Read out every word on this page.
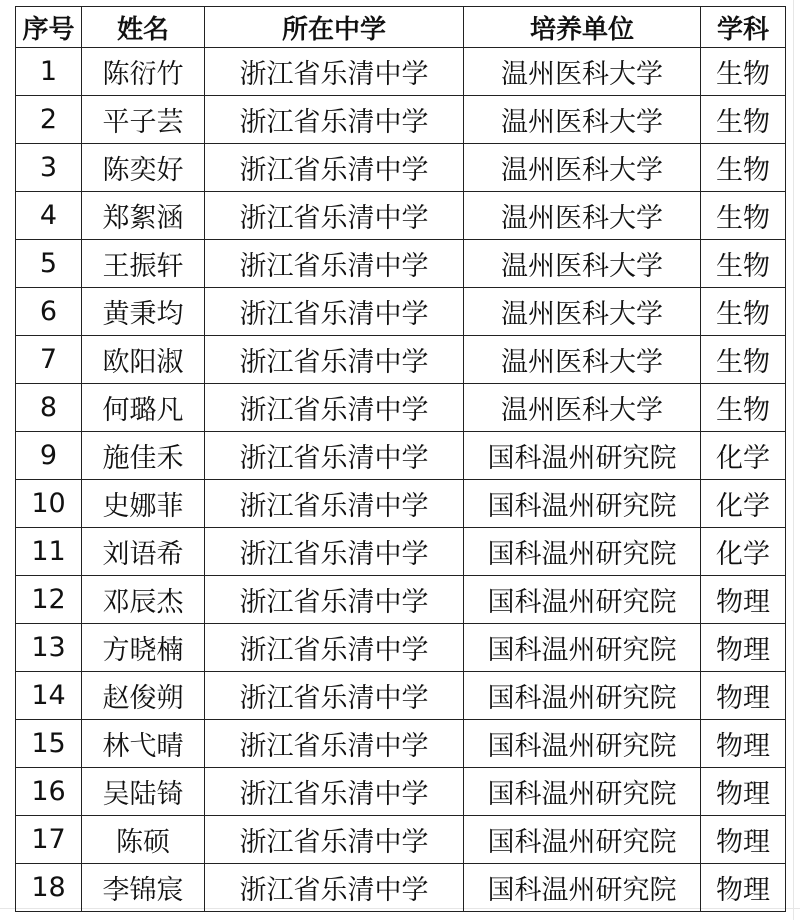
序号	姓名	所在中学	培养单位	学科
1	陈衍竹	浙江省乐清中学	温州医科大学	生物
2	平子芸	浙江省乐清中学	温州医科大学	生物
3	陈奕好	浙江省乐清中学	温州医科大学	生物
4	郑絮涵	浙江省乐清中学	温州医科大学	生物
5	王振轩	浙江省乐清中学	温州医科大学	生物
6	黄秉均	浙江省乐清中学	温州医科大学	生物
7	欧阳淑	浙江省乐清中学	温州医科大学	生物
8	何璐凡	浙江省乐清中学	温州医科大学	生物
9	施佳禾	浙江省乐清中学	国科温州研究院	化学
10	史娜菲	浙江省乐清中学	国科温州研究院	化学
11	刘语希	浙江省乐清中学	国科温州研究院	化学
12	邓辰杰	浙江省乐清中学	国科温州研究院	物理
13	方晓楠	浙江省乐清中学	国科温州研究院	物理
14	赵俊朔	浙江省乐清中学	国科温州研究院	物理
15	林弋晴	浙江省乐清中学	国科温州研究院	物理
16	吴陆锜	浙江省乐清中学	国科温州研究院	物理
17	陈硕	浙江省乐清中学	国科温州研究院	物理
18	李锦宸	浙江省乐清中学	国科温州研究院	物理
